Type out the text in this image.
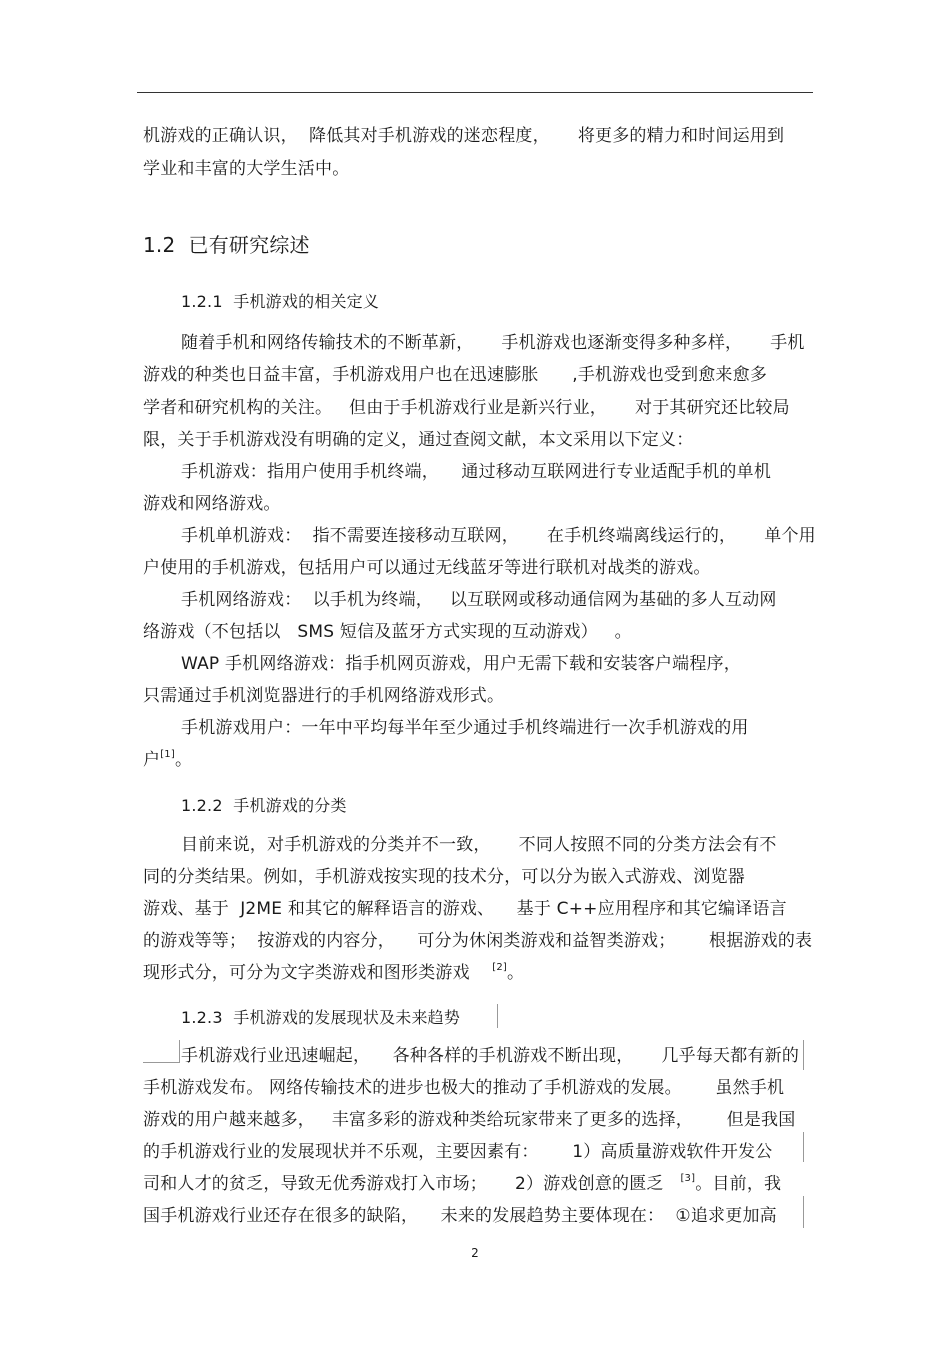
机游戏的正确认识，  降低其对手机游戏的迷恋程度，     将更多的精力和时间运用到
学业和丰富的大学生活中。
1.2  已有研究综述
1.2.1  手机游戏的相关定义
随着手机和网络传输技术的不断革新，     手机游戏也逐渐变得多种多样，     手机
游戏的种类也日益丰富，手机游戏用户也在迅速膨胀      ,手机游戏也受到愈来愈多
学者和研究机构的关注。   但由于手机游戏行业是新兴行业，     对于其研究还比较局
限，关于手机游戏没有明确的定义，通过查阅文献，本文采用以下定义：
手机游戏：指用户使用手机终端，    通过移动互联网进行专业适配手机的单机
游戏和网络游戏。
手机单机游戏：  指不需要连接移动互联网，     在手机终端离线运行的，     单个用
户使用的手机游戏，包括用户可以通过无线蓝牙等进行联机对战类的游戏。
手机网络游戏：  以手机为终端，   以互联网或移动通信网为基础的多人互动网
络游戏（不包括以   SMS 短信及蓝牙方式实现的互动游戏）   。
WAP 手机网络游戏：指手机网页游戏，用户无需下载和安装客户端程序，
只需通过手机浏览器进行的手机网络游戏形式。
手机游戏用户：一年中平均每半年至少通过手机终端进行一次手机游戏的用
户[1]。
1.2.2  手机游戏的分类
目前来说，对手机游戏的分类并不一致，     不同人按照不同的分类方法会有不
同的分类结果。例如，手机游戏按实现的技术分，可以分为嵌入式游戏、浏览器
游戏、基于  J2ME 和其它的解释语言的游戏、    基于 C++应用程序和其它编译语言
的游戏等等；  按游戏的内容分，    可分为休闲类游戏和益智类游戏；      根据游戏的表
现形式分，可分为文字类游戏和图形类游戏 [2]。
1.2.3  手机游戏的发展现状及未来趋势
手机游戏行业迅速崛起，    各种各样的手机游戏不断出现，     几乎每天都有新的
手机游戏发布。 网络传输技术的进步也极大的推动了手机游戏的发展。      虽然手机
游戏的用户越来越多，   丰富多彩的游戏种类给玩家带来了更多的选择，      但是我国
的手机游戏行业的发展现状并不乐观，主要因素有：      1）高质量游戏软件开发公
司和人才的贫乏，导致无优秀游戏打入市场；     2）游戏创意的匮乏 [3]。目前，我
国手机游戏行业还存在很多的缺陷，    未来的发展趋势主要体现在：  ①追求更加高
2
